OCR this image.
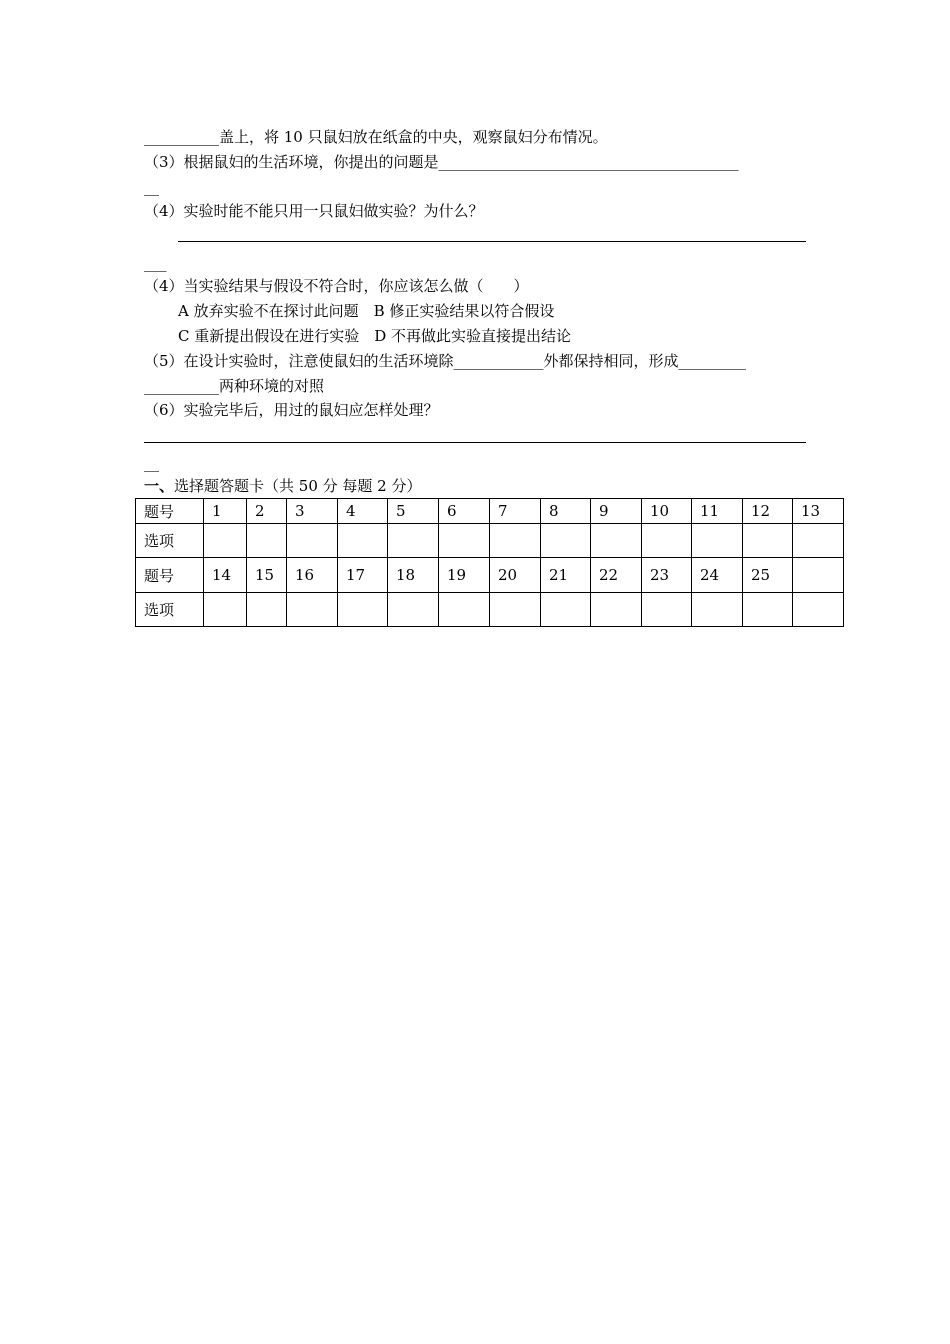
__________盖上，将 10 只鼠妇放在纸盒的中央，观察鼠妇分布情况。
（3）根据鼠妇的生活环境，你提出的问题是________________________________________
__
（4）实验时能不能只用一只鼠妇做实验？为什么？
___
（4）当实验结果与假设不符合时，你应该怎么做（　　）
A 放弃实验不在探讨此问题　B 修正实验结果以符合假设
C 重新提出假设在进行实验　D 不再做此实验直接提出结论
（5）在设计实验时，注意使鼠妇的生活环境除____________外都保持相同，形成_________
__________两种环境的对照
（6）实验完毕后，用过的鼠妇应怎样处理？
__
一、选择题答题卡（共 50 分 每题 2 分）
题号	1	2	3	4	5	6	7	8	9	10	11	12	13
选项													
题号	14	15	16	17	18	19	20	21	22	23	24	25	
选项													
